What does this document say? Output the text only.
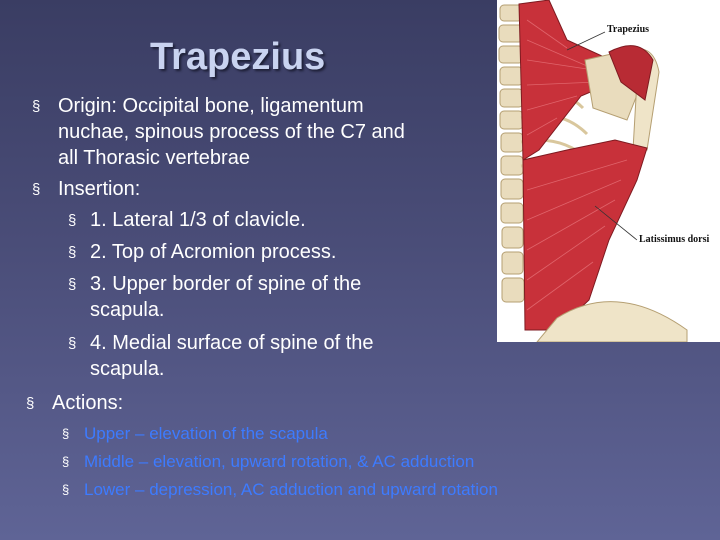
Trapezius
§ Origin: Occipital bone, ligamentum
nuchae, spinous process of the C7 and
all Thorasic vertebrae
§ Insertion:
§ 1. Lateral 1/3 of clavicle.
§ 2. Top of Acromion process.
§ 3. Upper border of spine of the
scapula.
§ 4. Medial surface of spine of the
scapula.
§ Actions:
§ Upper – elevation of the scapula
§ Middle – elevation, upward rotation, & AC adduction
§ Lower – depression, AC adduction and upward rotation
Trapezius
Latissimus dorsi
